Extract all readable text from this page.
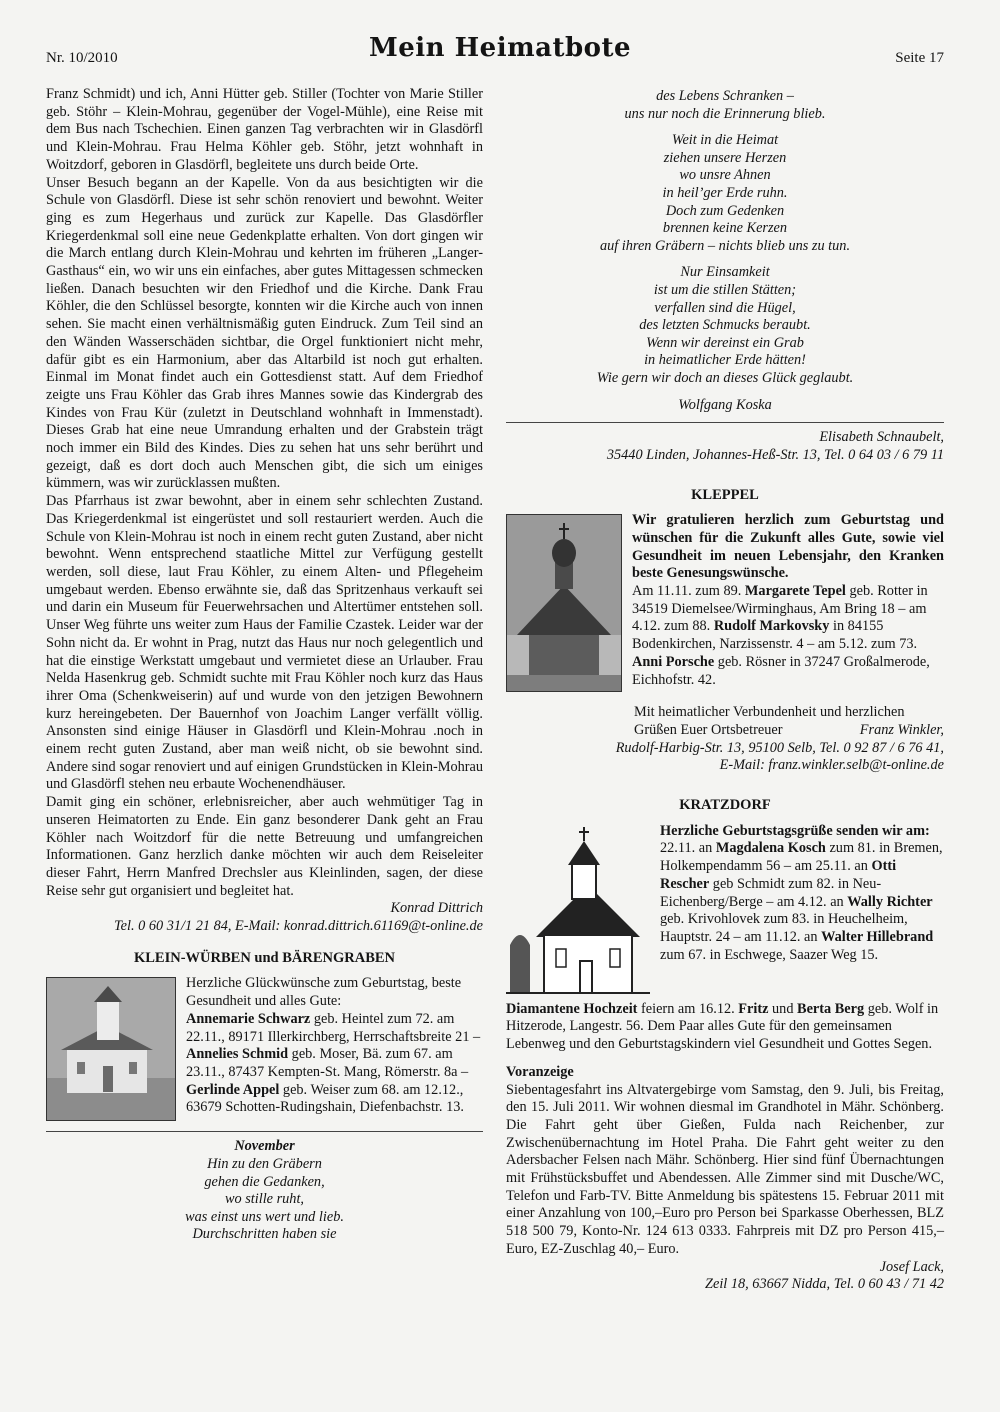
Nr. 10/2010	Mein Heimatbote	Seite 17

Franz Schmidt) und ich, Anni Hütter geb. Stiller (Tochter von Marie Stiller geb. Stöhr – Klein-Mohrau, gegenüber der Vogel-Mühle), eine Reise mit dem Bus nach Tschechien. Einen ganzen Tag verbrachten wir in Glasdörfl und Klein-Mohrau. Frau Helma Köhler geb. Stöhr, jetzt wohnhaft in Woitzdorf, geboren in Glasdörfl, begleitete uns durch beide Orte.

Unser Besuch begann an der Kapelle. Von da aus besichtigten wir die Schule von Glasdörfl. Diese ist sehr schön renoviert und bewohnt. Weiter ging es zum Hegerhaus und zurück zur Kapelle. Das Glasdörfler Kriegerdenkmal soll eine neue Gedenkplatte erhalten. Von dort gingen wir die March entlang durch Klein-Mohrau und kehrten im früheren „Langer-Gasthaus“ ein, wo wir uns ein einfaches, aber gutes Mittagessen schmecken ließen. Danach besuchten wir den Friedhof und die Kirche. Dank Frau Köhler, die den Schlüssel besorgte, konnten wir die Kirche auch von innen sehen. Sie macht einen verhältnismäßig guten Eindruck. Zum Teil sind an den Wänden Wasserschäden sichtbar, die Orgel funktioniert nicht mehr, dafür gibt es ein Harmonium, aber das Altarbild ist noch gut erhalten. Einmal im Monat findet auch ein Gottesdienst statt. Auf dem Friedhof zeigte uns Frau Köhler das Grab ihres Mannes sowie das Kindergrab des Kindes von Frau Kür (zuletzt in Deutschland wohnhaft in Immenstadt). Dieses Grab hat eine neue Umrandung erhalten und der Grabstein trägt noch immer ein Bild des Kindes. Dies zu sehen hat uns sehr berührt und gezeigt, daß es dort doch auch Menschen gibt, die sich um einiges kümmern, was wir zurücklassen mußten.

Das Pfarrhaus ist zwar bewohnt, aber in einem sehr schlechten Zustand. Das Kriegerdenkmal ist eingerüstet und soll restauriert werden. Auch die Schule von Klein-Mohrau ist noch in einem recht guten Zustand, aber nicht bewohnt. Wenn entsprechend staatliche Mittel zur Verfügung gestellt werden, soll diese, laut Frau Köhler, zu einem Alten- und Pflegeheim umgebaut werden. Ebenso erwähnte sie, daß das Spritzenhaus verkauft sei und darin ein Museum für Feuerwehrsachen und Altertümer entstehen soll. Unser Weg führte uns weiter zum Haus der Familie Czastek. Leider war der Sohn nicht da. Er wohnt in Prag, nutzt das Haus nur noch gelegentlich und hat die einstige Werkstatt umgebaut und vermietet diese an Urlauber. Frau Nelda Hasenkrug geb. Schmidt suchte mit Frau Köhler noch kurz das Haus ihrer Oma (Schenkweiserin) auf und wurde von den jetzigen Bewohnern kurz hereingebeten. Der Bauernhof von Joachim Langer verfällt völlig. Ansonsten sind einige Häuser in Glasdörfl und Klein-Mohrau .noch in einem recht guten Zustand, aber man weiß nicht, ob sie bewohnt sind. Andere sind sogar renoviert und auf einigen Grundstücken in Klein-Mohrau und Glasdörfl stehen neu erbaute Wochenendhäuser.

Damit ging ein schöner, erlebnisreicher, aber auch wehmütiger Tag in unseren Heimatorten zu Ende. Ein ganz besonderer Dank geht an Frau Köhler nach Woitzdorf für die nette Betreuung und umfangreichen Informationen. Ganz herzlich danke möchten wir auch dem Reiseleiter dieser Fahrt, Herrn Manfred Drechsler aus Kleinlinden, sagen, der diese Reise sehr gut organisiert und begleitet hat.

Konrad Dittrich
Tel. 0 60 31/1 21 84, E-Mail: konrad.dittrich.61169@t-online.de
KLEIN-WÜRBEN und BÄRENGRABEN

Herzliche Glückwünsche zum Geburtstag, beste Gesundheit und alles Gute:

Annemarie Schwarz geb. Heintel zum 72. am 22.11., 89171 Illerkirchberg, Herrschaftsbreite 21 – Annelies Schmid geb. Moser, Bä. zum 67. am 23.11., 87437 Kempten-St. Mang, Römerstr. 8a – Gerlinde Appel geb. Weiser zum 68. am 12.12., 63679 Schotten-Rudingshain, Diefenbachstr. 13.

November
Hin zu den Gräbern
gehen die Gedanken,
wo stille ruht,
was einst uns wert und lieb.
Durchschritten haben sie
des Lebens Schranken –
uns nur noch die Erinnerung blieb.
Weit in die Heimat
ziehen unsere Herzen
wo unsre Ahnen
in heil’ger Erde ruhn.
Doch zum Gedenken
brennen keine Kerzen
auf ihren Gräbern – nichts blieb uns zu tun.
Nur Einsamkeit
ist um die stillen Stätten;
verfallen sind die Hügel,
des letzten Schmucks beraubt.
Wenn wir dereinst ein Grab
in heimatlicher Erde hätten!
Wie gern wir doch an dieses Glück geglaubt.
Wolfgang Koska
Elisabeth Schnaubelt,
35440 Linden, Johannes-Heß-Str. 13, Tel. 0 64 03 / 6 79 11
KLEPPEL

Wir gratulieren herzlich zum Geburtstag und wünschen für die Zukunft alles Gute, sowie viel Gesundheit im neuen Lebensjahr, den Kranken beste Genesungswünsche.

Am 11.11. zum 89. Margarete Tepel geb. Rotter in 34519 Diemelsee/Wirminghaus, Am Bring 18 – am 4.12. zum 88. Rudolf Markovsky in 84155 Bodenkirchen, Narzissenstr. 4 – am 5.12. zum 73. Anni Porsche geb. Rösner in 37247 Großalmerode, Eichhofstr. 42.

Mit heimatlicher Verbundenheit und herzlichen Grüßen Euer Ortsbetreuer	Franz Winkler,

Rudolf-Harbig-Str. 13, 95100 Selb, Tel. 0 92 87 / 6 76 41,
E-Mail: franz.winkler.selb@t-online.de
KRATZDORF

Herzliche Geburtstagsgrüße senden wir am:

22.11. an Magdalena Kosch zum 81. in Bremen, Holkempendamm 56 – am 25.11. an Otti Rescher geb Schmidt zum 82. in Neu-Eichenberg/Berge – am 4.12. an Wally Richter geb. Krivohlovek zum 83. in Heuchelheim, Hauptstr. 24 – am 11.12. an Walter Hillebrand zum 67. in Eschwege, Saazer Weg 15.

Diamantene Hochzeit feiern am 16.12. Fritz und Berta Berg geb. Wolf in Hitzerode, Langestr. 56. Dem Paar alles Gute für den gemeinsamen Lebenweg und den Geburtstagskindern viel Gesundheit und Gottes Segen.

Voranzeige

Siebentagesfahrt ins Altvatergebirge vom Samstag, den 9. Juli, bis Freitag, den 15. Juli 2011. Wir wohnen diesmal im Grandhotel in Mähr. Schönberg. Die Fahrt geht über Gießen, Fulda nach Reichenber, zur Zwischenübernachtung im Hotel Praha. Die Fahrt geht weiter zu den Adersbacher Felsen nach Mähr. Schönberg. Hier sind fünf Übernachtungen mit Frühstücksbuffet und Abendessen. Alle Zimmer sind mit Dusche/WC, Telefon und Farb-TV. Bitte Anmeldung bis spätestens 15. Februar 2011 mit einer Anzahlung von 100,–Euro pro Person bei Sparkasse Oberhessen, BLZ 518 500 79, Konto-Nr. 124 613 0333. Fahrpreis mit DZ pro Person 415,– Euro, EZ-Zuschlag 40,– Euro.

Josef Lack,
Zeil 18, 63667 Nidda, Tel. 0 60 43 / 71 42
